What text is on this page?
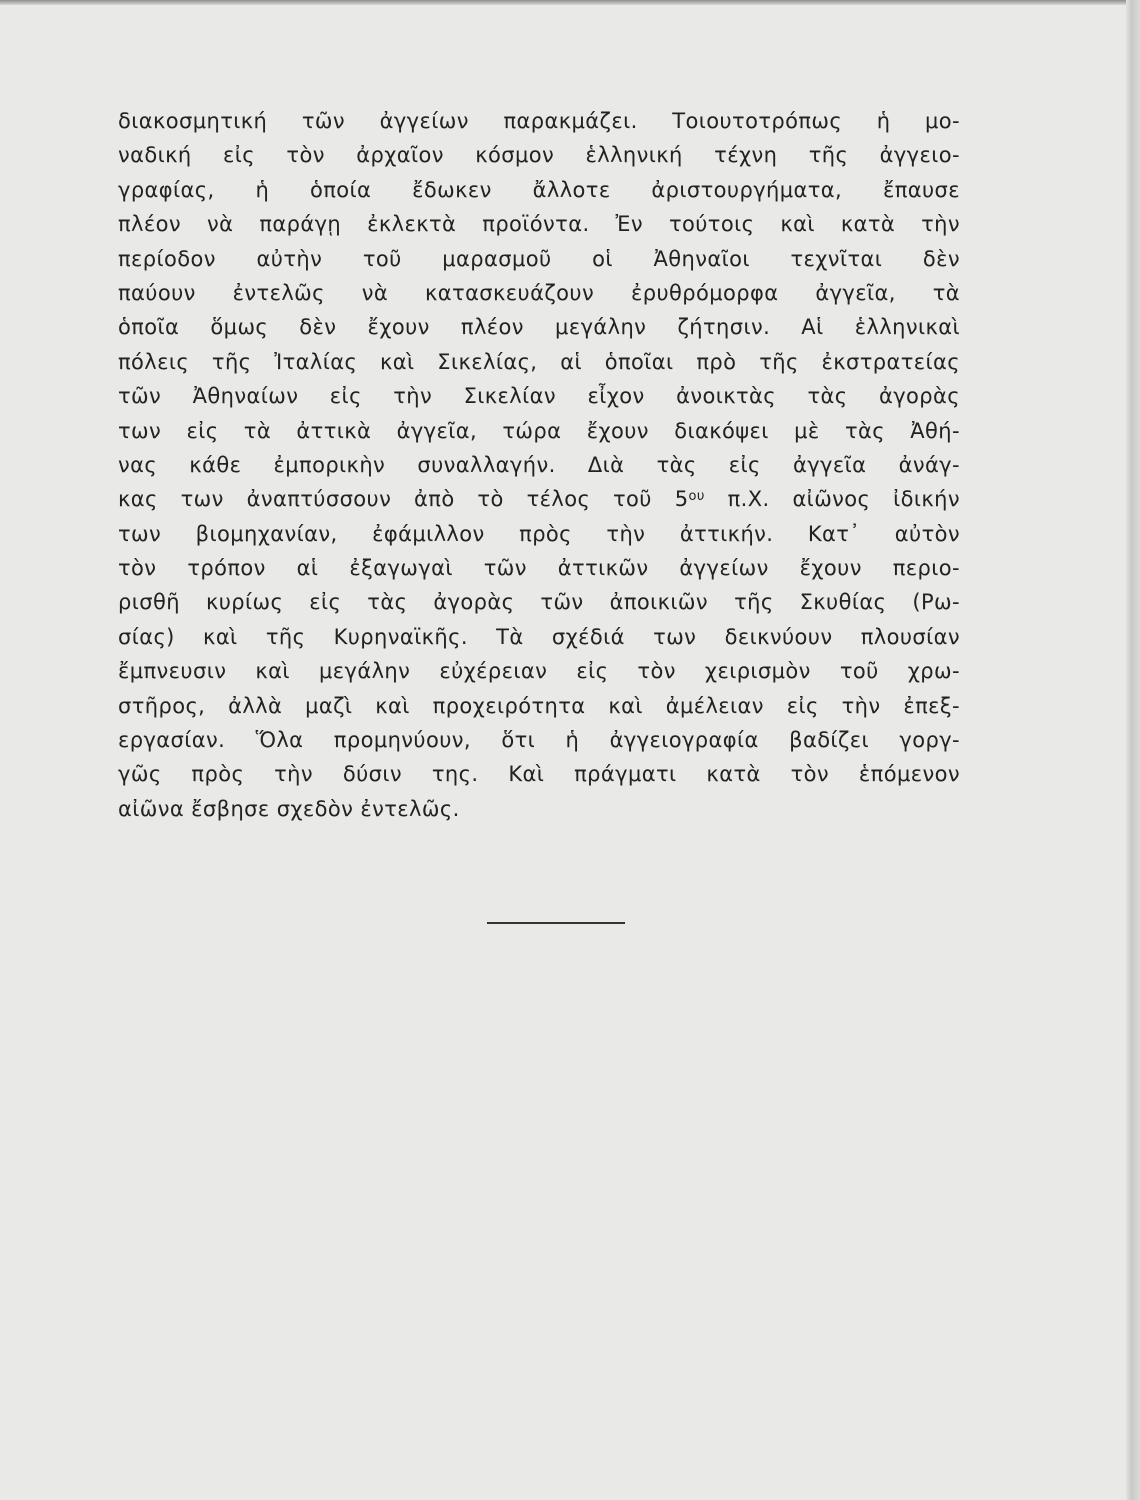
διακοσμητική τῶν ἀγγείων παρακμάζει. Τοιουτοτρόπως ἡ μο-
ναδική εἰς τὸν ἀρχαῖον κόσμον ἑλληνική τέχνη τῆς ἀγγειο-
γραφίας, ἡ ὁποία ἔδωκεν ἄλλοτε ἀριστουργήματα, ἔπαυσε
πλέον νὰ παράγῃ ἐκλεκτὰ προϊόντα. Ἐν τούτοις καὶ κατὰ τὴν
περίοδον αὐτὴν τοῦ μαρασμοῦ οἱ Ἀθηναῖοι τεχνῖται δὲν
παύουν ἐντελῶς νὰ κατασκευάζουν ἐρυθρόμορφα ἀγγεῖα, τὰ
ὁποῖα ὅμως δὲν ἔχουν πλέον μεγάλην ζήτησιν. Αἱ ἑλληνικαὶ
πόλεις τῆς Ἰταλίας καὶ Σικελίας, αἱ ὁποῖαι πρὸ τῆς ἐκστρατείας
τῶν Ἀθηναίων εἰς τὴν Σικελίαν εἶχον ἀνοικτὰς τὰς ἀγορὰς
των εἰς τὰ ἀττικὰ ἀγγεῖα, τώρα ἔχουν διακόψει μὲ τὰς Ἀθή-
νας κάθε ἐμπορικὴν συναλλαγήν. Διὰ τὰς εἰς ἀγγεῖα ἀνάγ-
κας των ἀναπτύσσουν ἀπὸ τὸ τέλος τοῦ $5^{o\upsilon}$ π.Χ. αἰῶνος ἰδικήν
των βιομηχανίαν, ἐφάμιλλον πρὸς τὴν ἀττικήν. Κατ᾿ αὐτὸν
τὸν τρόπον αἱ ἐξαγωγαὶ τῶν ἀττικῶν ἀγγείων ἔχουν περιο-
ρισθῆ κυρίως εἰς τὰς ἀγορὰς τῶν ἀποικιῶν τῆς Σκυθίας (Ρω-
σίας) καὶ τῆς Κυρηναϊκῆς. Τὰ σχέδιά των δεικνύουν πλουσίαν
ἔμπνευσιν καὶ μεγάλην εὐχέρειαν εἰς τὸν χειρισμὸν τοῦ χρω-
στῆρος, ἀλλὰ μαζὶ καὶ προχειρότητα καὶ ἀμέλειαν εἰς τὴν ἐπεξ-
εργασίαν. Ὅλα προμηνύουν, ὅτι ἡ ἀγγειογραφία βαδίζει γοργ-
γῶς πρὸς τὴν δύσιν της. Καὶ πράγματι κατὰ τὸν ἑπόμενον
αἰῶνα ἔσβησε σχεδὸν ἐντελῶς.
